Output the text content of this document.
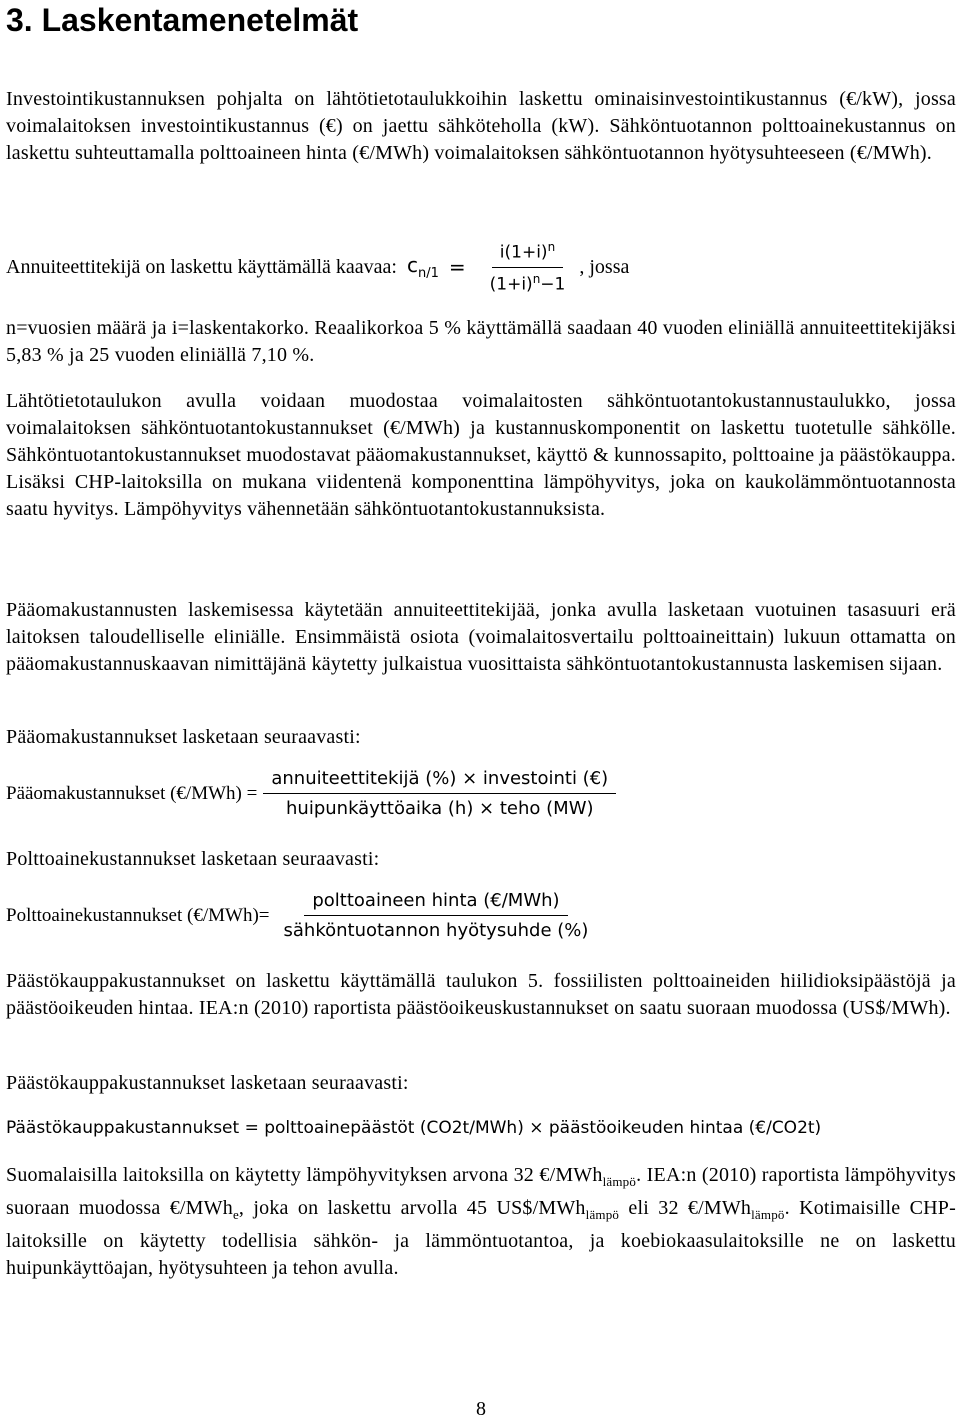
3. Laskentamenetelmät

Investointikustannuksen pohjalta on lähtötietotaulukkoihin laskettu ominaisinvestointikustannus (€/kW), jossa voimalaitoksen investointikustannus (€) on jaettu sähköteholla (kW). Sähköntuotannon polttoainekustannus on laskettu suhteuttamalla polttoaineen hinta (€/MWh) voimalaitoksen sähköntuotannon hyötysuhteeseen (€/MWh).

Annuiteettitekijä on laskettu käyttämällä kaavaa: $c_{n/1} = \frac{i(1+i)^n}{(1+i)^n-1}$ , jossa

n=vuosien määrä ja i=laskentakorko. Reaalikorkoa 5 % käyttämällä saadaan 40 vuoden eliniällä annuiteettitekijäksi 5,83 % ja 25 vuoden eliniällä 7,10 %.

Lähtötietotaulukon avulla voidaan muodostaa voimalaitosten sähköntuotantokustannustaulukko, jossa voimalaitoksen sähköntuotantokustannukset (€/MWh) ja kustannuskomponentit on laskettu tuotetulle sähkölle. Sähköntuotantokustannukset muodostavat pääomakustannukset, käyttö & kunnossapito, polttoaine ja päästökauppa. Lisäksi CHP-laitoksilla on mukana viidentenä komponenttina lämpöhyvitys, joka on kaukolämmöntuotannosta saatu hyvitys. Lämpöhyvitys vähennetään sähköntuotantokustannuksista.

Pääomakustannusten laskemisessa käytetään annuiteettitekijää, jonka avulla lasketaan vuotuinen tasasuuri erä laitoksen taloudelliselle eliniälle. Ensimmäistä osiota (voimalaitosvertailu polttoaineittain) lukuun ottamatta on pääomakustannuskaavan nimittäjänä käytetty julkaistua vuosittaista sähköntuotantokustannusta laskemisen sijaan.

Pääomakustannukset lasketaan seuraavasti:

Pääomakustannukset (€/MWh) = $\frac{\text{annuiteettitekijä (\%) × investointi (€)}}{\text{huipunkäyttöaika (h) × teho (MW)}}$

Polttoainekustannukset lasketaan seuraavasti:

Polttoainekustannukset (€/MWh)= $\frac{\text{polttoaineen hinta (€/MWh)}}{\text{sähköntuotannon hyötysuhde (\%)}}$

Päästökauppakustannukset on laskettu käyttämällä taulukon 5. fossiilisten polttoaineiden hiilidioksipäästöjä ja päästöoikeuden hintaa. IEA:n (2010) raportista päästöoikeuskustannukset on saatu suoraan muodossa (US$/MWh).

Päästökauppakustannukset lasketaan seuraavasti:

Päästökauppakustannukset = polttoainepäästöt (CO2t/MWh) × päästöoikeuden hintaa (€/CO2t)

Suomalaisilla laitoksilla on käytetty lämpöhyvityksen arvona 32 €/MWh$_{lämpö}$. IEA:n (2010) raportista lämpöhyvitys suoraan muodossa €/MWh$_e$, joka on laskettu arvolla 45 US$/MWh$_{lämpö}$ eli 32 €/MWh$_{lämpö}$. Kotimaisille CHP-laitoksille on käytetty todellisia sähkön- ja lämmöntuotantoa, ja koebiokaasulaitoksille ne on laskettu huipunkäyttöajan, hyötysuhteen ja tehon avulla.

8
